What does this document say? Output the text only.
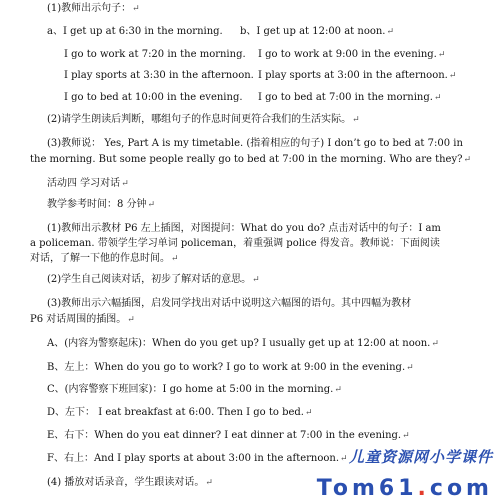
(1)教师出示句子：↵
a、I get up at 6:30 in the morning. b、I get up at 12:00 at noon.↵
I go to work at 7:20 in the morning. I go to work at 9:00 in the evening.↵
I play sports at 3:30 in the afternoon. I play sports at 3:00 in the afternoon.↵
I go to bed at 10:00 in the evening. I go to bed at 7:00 in the morning.↵
(2)请学生朗读后判断，哪组句子的作息时间更符合我们的生活实际。↵
(3)教师说： Yes, Part A is my timetable. (指着相应的句子) I don’t go to bed at 7:00 in
the morning. But some people really go to bed at 7:00 in the morning. Who are they?↵
活动四 学习对话↵
教学参考时间：8 分钟↵
(1)教师出示教材 P6 左上插图，对图提问：What do you do? 点击对话中的句子：I am
a policeman. 带领学生学习单词 policeman，着重强调 police 得发音。教师说：下面阅读
对话，了解一下他的作息时间。↵
(2)学生自己阅读对话，初步了解对话的意思。↵
(3)教师出示六幅插图，启发同学找出对话中说明这六幅图的语句。其中四幅为教材
P6 对话周围的插图。↵
A、(内容为警察起床)：When do you get up? I usually get up at 12:00 at noon.↵
B、左上：When do you go to work? I go to work at 9:00 in the evening.↵
C、(内容警察下班回家)：I go home at 5:00 in the morning.↵
D、左下： I eat breakfast at 6:00. Then I go to bed.↵
E、右下：When do you eat dinner? I eat dinner at 7:00 in the evening.↵
F、右上：And I play sports at about 3:00 in the afternoon.↵
(4) 播放对话录音，学生跟读对话。↵
儿童资源网小学课件
Tom61.com
